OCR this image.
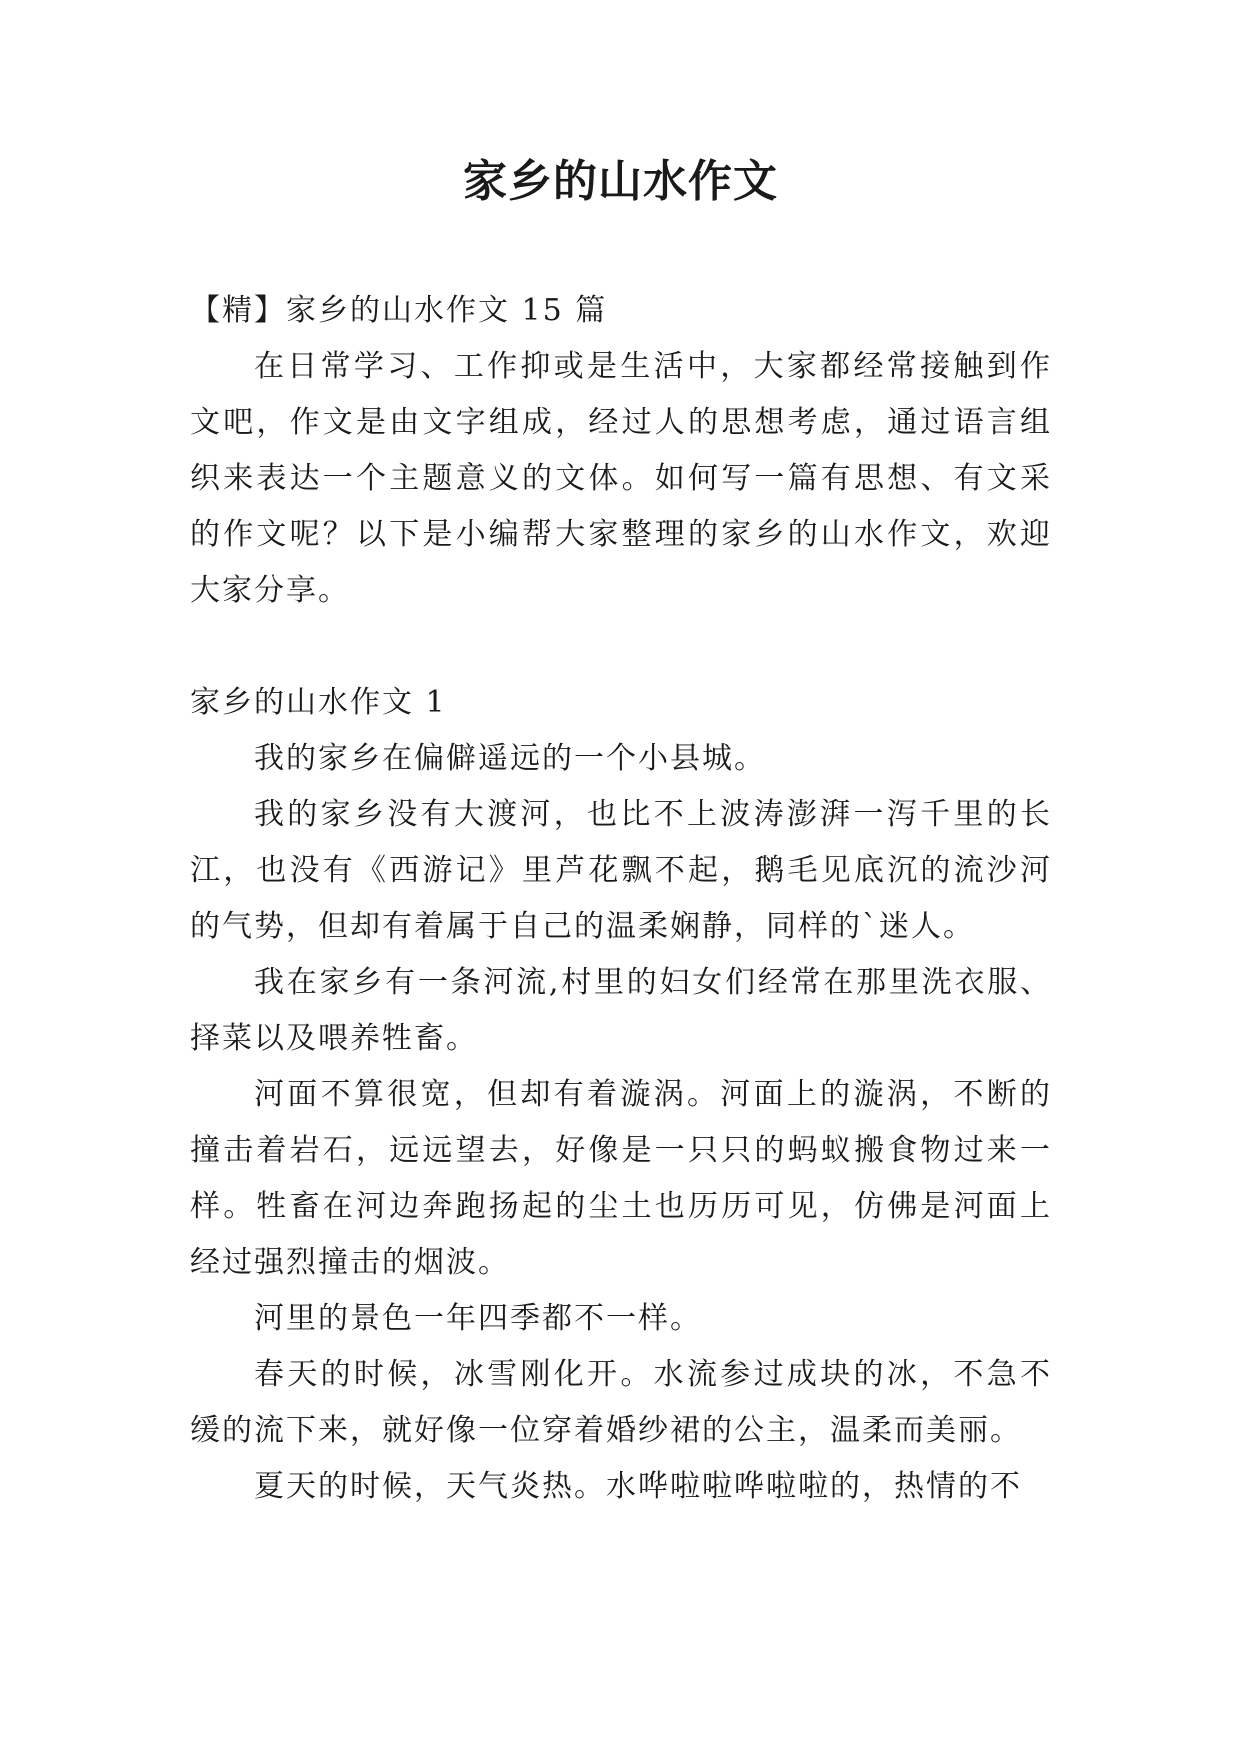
家乡的山水作文

【精】家乡的山水作文 15 篇

在日常学习、工作抑或是生活中，大家都经常接触到作文吧，作文是由文字组成，经过人的思想考虑，通过语言组织来表达一个主题意义的文体。如何写一篇有思想、有文采的作文呢？以下是小编帮大家整理的家乡的山水作文，欢迎大家分享。

家乡的山水作文 1

我的家乡在偏僻遥远的一个小县城。

我的家乡没有大渡河，也比不上波涛澎湃一泻千里的长江，也没有《西游记》里芦花飘不起，鹅毛见底沉的流沙河的气势，但却有着属于自己的温柔娴静，同样的`迷人。

我在家乡有一条河流,村里的妇女们经常在那里洗衣服、择菜以及喂养牲畜。

河面不算很宽，但却有着漩涡。河面上的漩涡，不断的撞击着岩石，远远望去，好像是一只只的蚂蚁搬食物过来一样。牲畜在河边奔跑扬起的尘土也历历可见，仿佛是河面上经过强烈撞击的烟波。

河里的景色一年四季都不一样。

春天的时候，冰雪刚化开。水流参过成块的冰，不急不缓的流下来，就好像一位穿着婚纱裙的公主，温柔而美丽。

夏天的时候，天气炎热。水哗啦啦哗啦啦的，热情的不
